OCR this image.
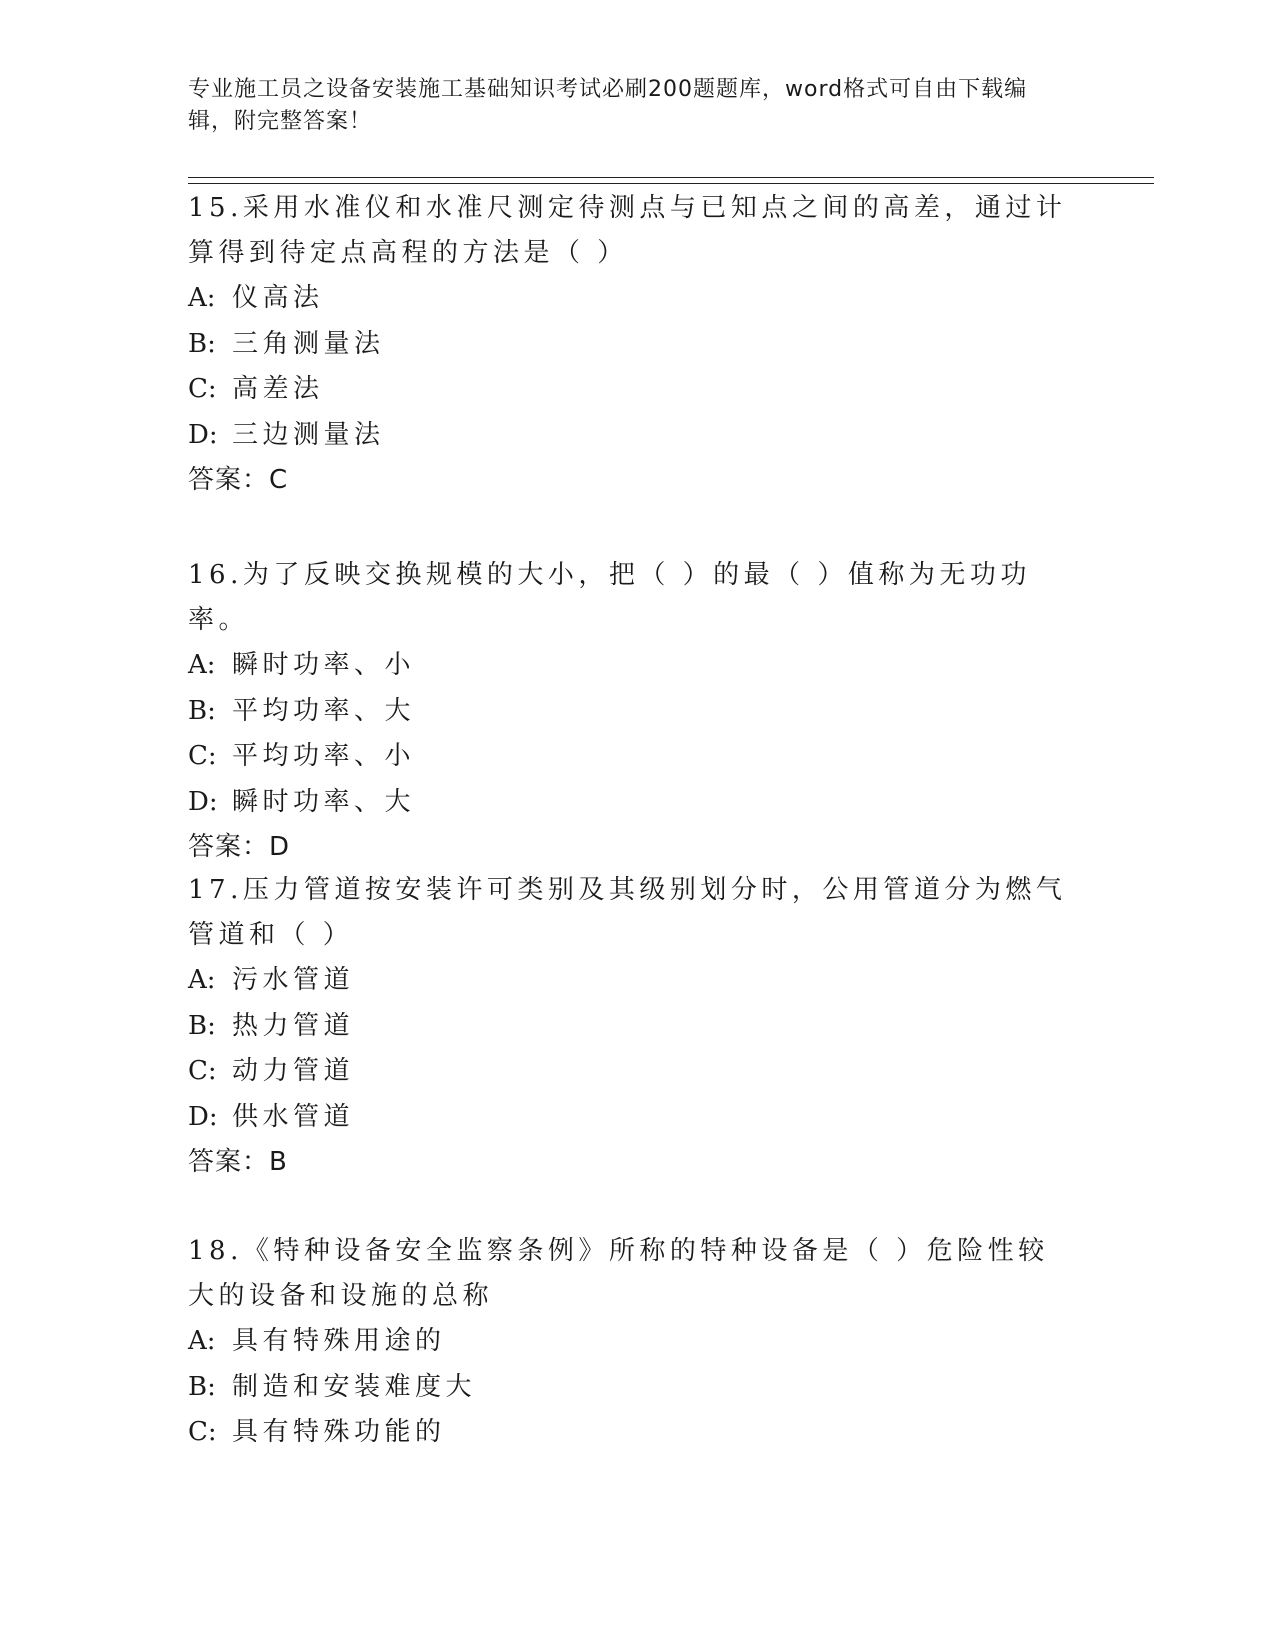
专业施工员之设备安装施工基础知识考试必刷200题题库，word格式可自由下载编辑，附完整答案！
15.采用水准仪和水准尺测定待测点与已知点之间的高差，通过计算得到待定点高程的方法是（ ）
A: 仪高法
B: 三角测量法
C: 高差法
D: 三边测量法
答案：C
16.为了反映交换规模的大小，把（ ）的最（ ）值称为无功功率。
A: 瞬时功率、小
B: 平均功率、大
C: 平均功率、小
D: 瞬时功率、大
答案：D
17.压力管道按安装许可类别及其级别划分时，公用管道分为燃气管道和（ ）
A: 污水管道
B: 热力管道
C: 动力管道
D: 供水管道
答案：B
18.《特种设备安全监察条例》所称的特种设备是（ ）危险性较大的设备和设施的总称
A: 具有特殊用途的
B: 制造和安装难度大
C: 具有特殊功能的
